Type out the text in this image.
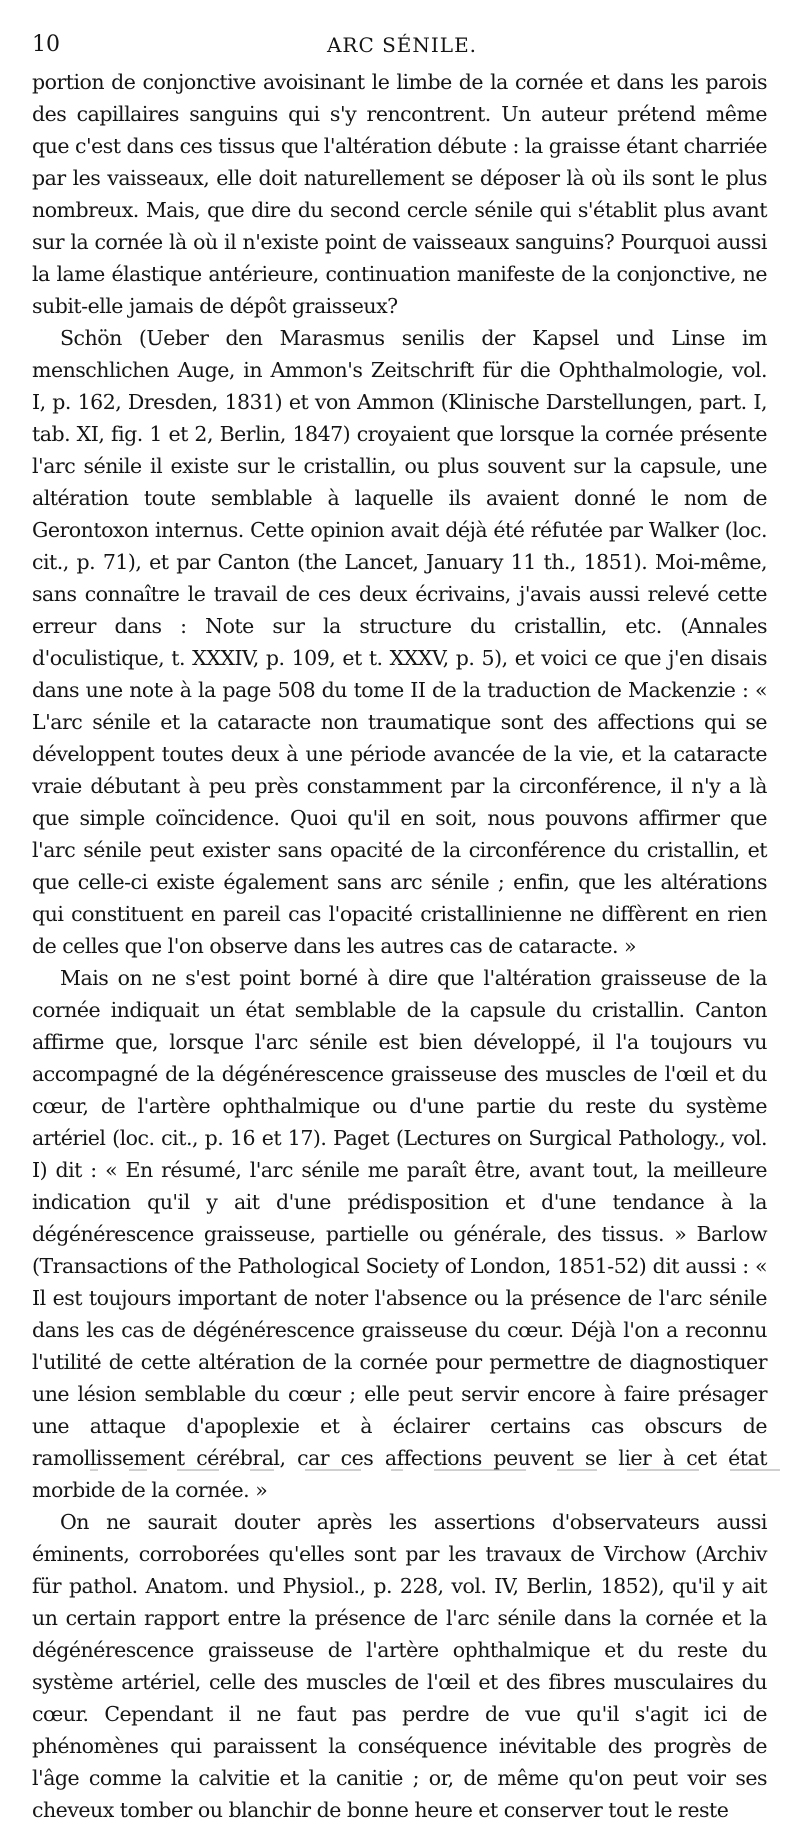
10	ARC SÉNILE.

portion de conjonctive avoisinant le limbe de la cornée et dans les parois des capillaires sanguins qui s'y rencontrent. Un auteur prétend même que c'est dans ces tissus que l'altération débute : la graisse étant charriée par les vaisseaux, elle doit naturellement se déposer là où ils sont le plus nombreux. Mais, que dire du second cercle sénile qui s'établit plus avant sur la cornée là où il n'existe point de vaisseaux sanguins? Pourquoi aussi la lame élastique antérieure, continuation manifeste de la conjonctive, ne subit-elle jamais de dépôt graisseux?

Schön (Ueber den Marasmus senilis der Kapsel und Linse im menschlichen Auge, in Ammon's Zeitschrift für die Ophthalmologie, vol. I, p. 162, Dresden, 1831) et von Ammon (Klinische Darstellungen, part. I, tab. XI, fig. 1 et 2, Berlin, 1847) croyaient que lorsque la cornée présente l'arc sénile il existe sur le cristallin, ou plus souvent sur la capsule, une altération toute semblable à laquelle ils avaient donné le nom de Gerontoxon internus. Cette opinion avait déjà été réfutée par Walker (loc. cit., p. 71), et par Canton (the Lancet, January 11 th., 1851). Moi-même, sans connaître le travail de ces deux écrivains, j'avais aussi relevé cette erreur dans : Note sur la structure du cristallin, etc. (Annales d'oculistique, t. XXXIV, p. 109, et t. XXXV, p. 5), et voici ce que j'en disais dans une note à la page 508 du tome II de la traduction de Mackenzie : « L'arc sénile et la cataracte non traumatique sont des affections qui se développent toutes deux à une période avancée de la vie, et la cataracte vraie débutant à peu près constamment par la circonférence, il n'y a là que simple coïncidence. Quoi qu'il en soit, nous pouvons affirmer que l'arc sénile peut exister sans opacité de la circonférence du cristallin, et que celle-ci existe également sans arc sénile ; enfin, que les altérations qui constituent en pareil cas l'opacité cristallinienne ne diffèrent en rien de celles que l'on observe dans les autres cas de cataracte. »

Mais on ne s'est point borné à dire que l'altération graisseuse de la cornée indiquait un état semblable de la capsule du cristallin. Canton affirme que, lorsque l'arc sénile est bien développé, il l'a toujours vu accompagné de la dégénérescence graisseuse des muscles de l'œil et du cœur, de l'artère ophthalmique ou d'une partie du reste du système artériel (loc. cit., p. 16 et 17). Paget (Lectures on Surgical Pathology., vol. I) dit : « En résumé, l'arc sénile me paraît être, avant tout, la meilleure indication qu'il y ait d'une prédisposition et d'une tendance à la dégénérescence graisseuse, partielle ou générale, des tissus. » Barlow (Transactions of the Pathological Society of London, 1851-52) dit aussi : « Il est toujours important de noter l'absence ou la présence de l'arc sénile dans les cas de dégénérescence graisseuse du cœur. Déjà l'on a reconnu l'utilité de cette altération de la cornée pour permettre de diagnostiquer une lésion semblable du cœur ; elle peut servir encore à faire présager une attaque d'apoplexie et à éclairer certains cas obscurs de ramollissement cérébral, car ces affections peuvent se lier à cet état morbide de la cornée. »

On ne saurait douter après les assertions d'observateurs aussi éminents, corroborées qu'elles sont par les travaux de Virchow (Archiv für pathol. Anatom. und Physiol., p. 228, vol. IV, Berlin, 1852), qu'il y ait un certain rapport entre la présence de l'arc sénile dans la cornée et la dégénérescence graisseuse de l'artère ophthalmique et du reste du système artériel, celle des muscles de l'œil et des fibres musculaires du cœur. Cependant il ne faut pas perdre de vue qu'il s'agit ici de phénomènes qui paraissent la conséquence inévitable des progrès de l'âge comme la calvitie et la canitie ; or, de même qu'on peut voir ses cheveux tomber ou blanchir de bonne heure et conserver tout le reste
